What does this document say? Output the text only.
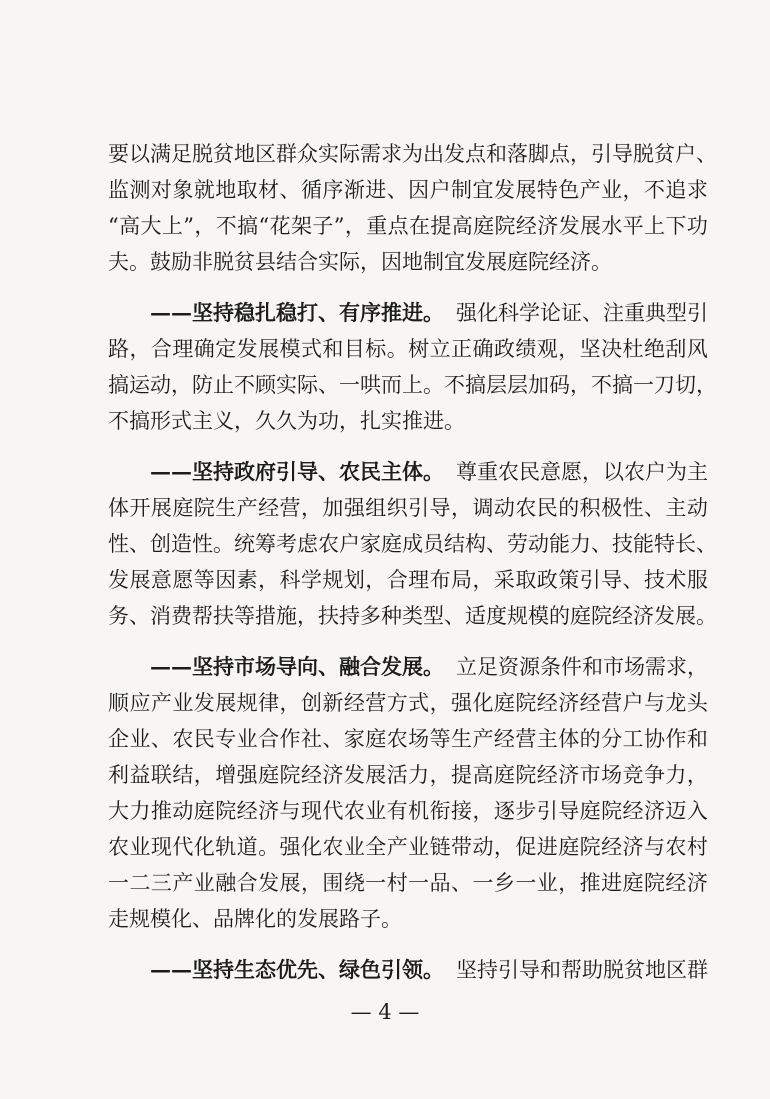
要 以 满 足 脱 贫 地 区 群 众 实 际 需 求 为 出 发 点 和 落 脚 点 ， 引 导 脱 贫 户 、
监 测 对 象 就 地 取 材 、 循 序 渐 进 、 因 户 制 宜 发 展 特 色 产 业 ， 不 追 求
“ 高 大 上 ” ， 不 搞 “ 花 架 子 ” ， 重 点 在 提 高 庭 院 经 济 发 展 水 平 上 下 功
夫。鼓励非脱贫县结合实际，因地制宜发展庭院经济。
——坚持稳扎稳打、有序推进。 强化科学论证、注重典型引
路 ， 合 理 确 定 发 展 模 式 和 目 标 。 树 立 正 确 政 绩 观 ， 坚 决 杜 绝 刮 风
搞 运 动 ， 防 止 不 顾 实 际 、 一 哄 而 上 。 不 搞 层 层 加 码 ， 不 搞 一 刀 切 ，
不搞形式主义，久久为功，扎实推进。
——坚持政府引导、农民主体。 尊重农民意愿，以农户为主
体 开 展 庭 院 生 产 经 营 ， 加 强 组 织 引 导 ， 调 动 农 民 的 积 极 性 、 主 动
性 、 创 造 性 。 统 筹 考 虑 农 户 家 庭 成 员 结 构 、 劳 动 能 力 、 技 能 特 长 、
发 展 意 愿 等 因 素 ， 科 学 规 划 ， 合 理 布 局 ， 采 取 政 策 引 导 、 技 术 服
务 、 消 费 帮 扶 等 措 施 ， 扶 持 多 种 类 型 、 适 度 规 模 的 庭 院 经 济 发 展 。
——坚持市场导向、融合发展。 立足资源条件和市场需求，
顺 应 产 业 发 展 规 律 ， 创 新 经 营 方 式 ， 强 化 庭 院 经 济 经 营 户 与 龙 头
企 业 、 农 民 专 业 合 作 社 、 家 庭 农 场 等 生 产 经 营 主 体 的 分 工 协 作 和
利 益 联 结 ， 增 强 庭 院 经 济 发 展 活 力 ， 提 高 庭 院 经 济 市 场 竞 争 力 ，
大 力 推 动 庭 院 经 济 与 现 代 农 业 有 机 衔 接 ， 逐 步 引 导 庭 院 经 济 迈 入
农 业 现 代 化 轨 道 。 强 化 农 业 全 产 业 链 带 动 ， 促 进 庭 院 经 济 与 农 村
一 二 三 产 业 融 合 发 展 ， 围 绕 一 村 一 品 、 一 乡 一 业 ， 推 进 庭 院 经 济
走规模化、品牌化的发展路子。
——坚持生态优先、绿色引领。 坚持引导和帮助脱贫地区群
— 4 —
